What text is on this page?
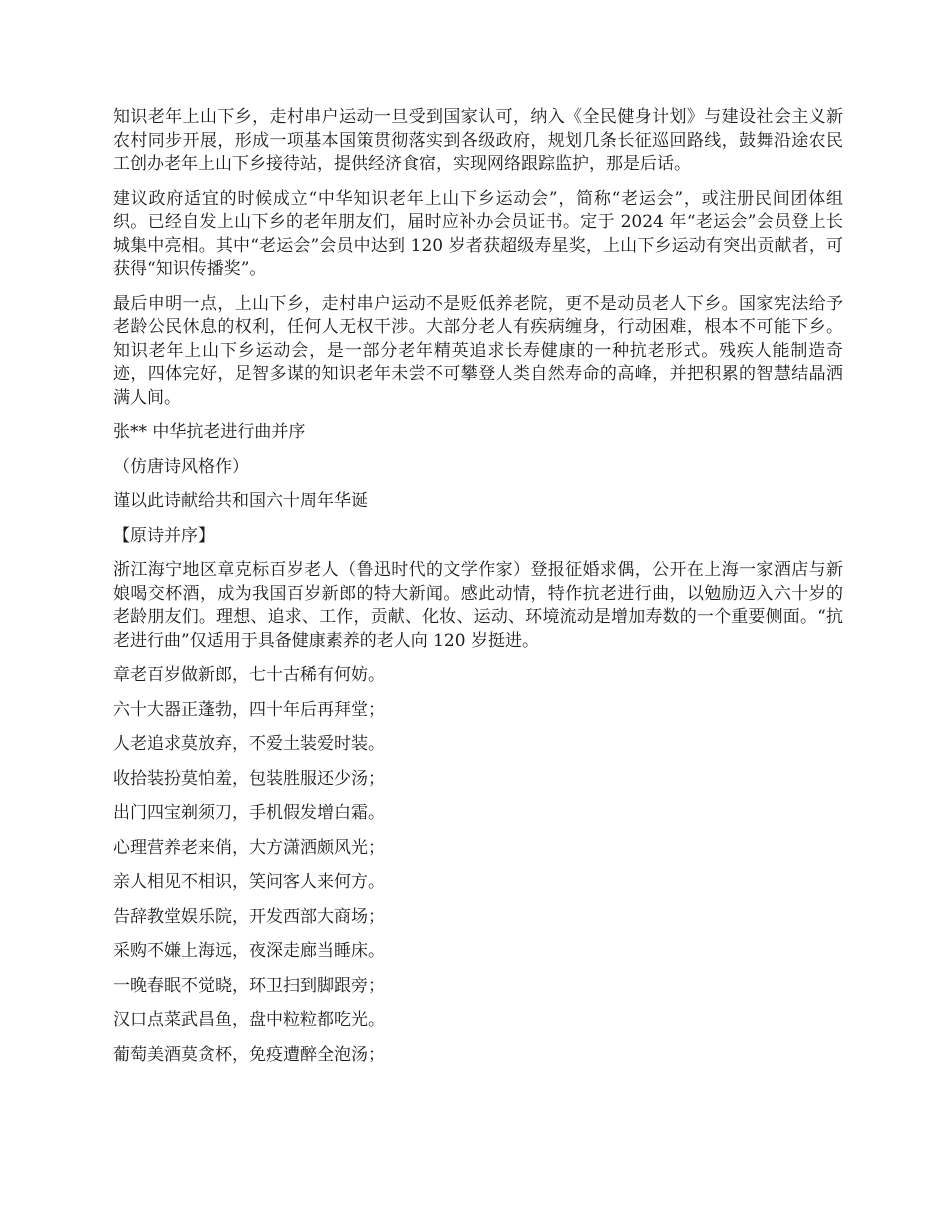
知识老年上山下乡，走村串户运动一旦受到国家认可，纳入《全民健身计划》与建设社会主义新农村同步开展，形成一项基本国策贯彻落实到各级政府，规划几条长征巡回路线，鼓舞沿途农民工创办老年上山下乡接待站，提供经济食宿，实现网络跟踪监护，那是后话。

建议政府适宜的时候成立“中华知识老年上山下乡运动会”，简称“老运会”，或注册民间团体组织。已经自发上山下乡的老年朋友们，届时应补办会员证书。定于 2024 年“老运会”会员登上长城集中亮相。其中“老运会”会员中达到 120 岁者获超级寿星奖，上山下乡运动有突出贡献者，可获得“知识传播奖”。

最后申明一点，上山下乡，走村串户运动不是贬低养老院，更不是动员老人下乡。国家宪法给予老龄公民休息的权利，任何人无权干涉。大部分老人有疾病缠身，行动困难，根本不可能下乡。知识老年上山下乡运动会，是一部分老年精英追求长寿健康的一种抗老形式。残疾人能制造奇迹，四体完好，足智多谋的知识老年未尝不可攀登人类自然寿命的高峰，并把积累的智慧结晶洒满人间。

张** 中华抗老进行曲并序

（仿唐诗风格作）

谨以此诗献给共和国六十周年华诞

【原诗并序】

浙江海宁地区章克标百岁老人（鲁迅时代的文学作家）登报征婚求偶，公开在上海一家酒店与新娘喝交杯酒，成为我国百岁新郎的特大新闻。感此动情，特作抗老进行曲，以勉励迈入六十岁的老龄朋友们。理想、追求、工作，贡献、化妆、运动、环境流动是增加寿数的一个重要侧面。“抗老进行曲”仅适用于具备健康素养的老人向 120 岁挺进。

章老百岁做新郎，七十古稀有何妨。

六十大器正蓬勃，四十年后再拜堂；

人老追求莫放弃，不爱土装爱时装。

收拾装扮莫怕羞，包装胜服还少汤；

出门四宝剃须刀，手机假发增白霜。

心理营养老来俏，大方潇洒颇风光；

亲人相见不相识，笑问客人来何方。

告辞教堂娱乐院，开发西部大商场；

采购不嫌上海远，夜深走廊当睡床。

一晚春眠不觉晓，环卫扫到脚跟旁；

汉口点菜武昌鱼，盘中粒粒都吃光。

葡萄美酒莫贪杯，免疫遭醉全泡汤；
